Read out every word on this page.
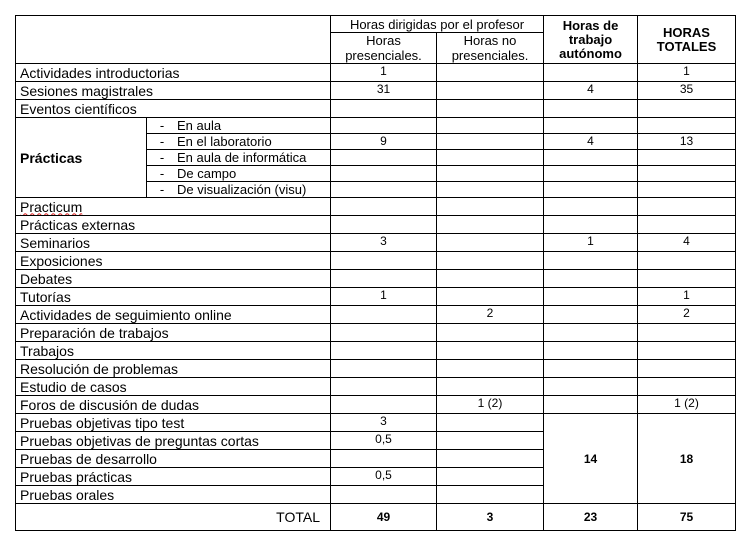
		Horas dirigidas por el profesor		Horas de trabajo autónomo	HORAS TOTALES
		Horas presenciales.	Horas no presenciales.		
Actividades introductorias		1			1
Sesiones magistrales		31		4	35
Eventos científicos					
Prácticas	- En aula				
	- En el laboratorio	9		4	13
	- En aula de informática				
	- De campo				
	- De visualización (visu)				
Practicum					
Prácticas externas					
Seminarios		3		1	4
Exposiciones					
Debates					
Tutorías		1			1
Actividades de seguimiento online			2		2
Preparación de trabajos					
Trabajos					
Resolución de problemas					
Estudio de casos					
Foros de discusión de dudas			1 (2)		1 (2)
Pruebas objetivas tipo test		3		14	18
Pruebas objetivas de preguntas cortas		0,5			
Pruebas de desarrollo					
Pruebas prácticas		0,5			
Pruebas orales					
TOTAL		49	3	23	75
